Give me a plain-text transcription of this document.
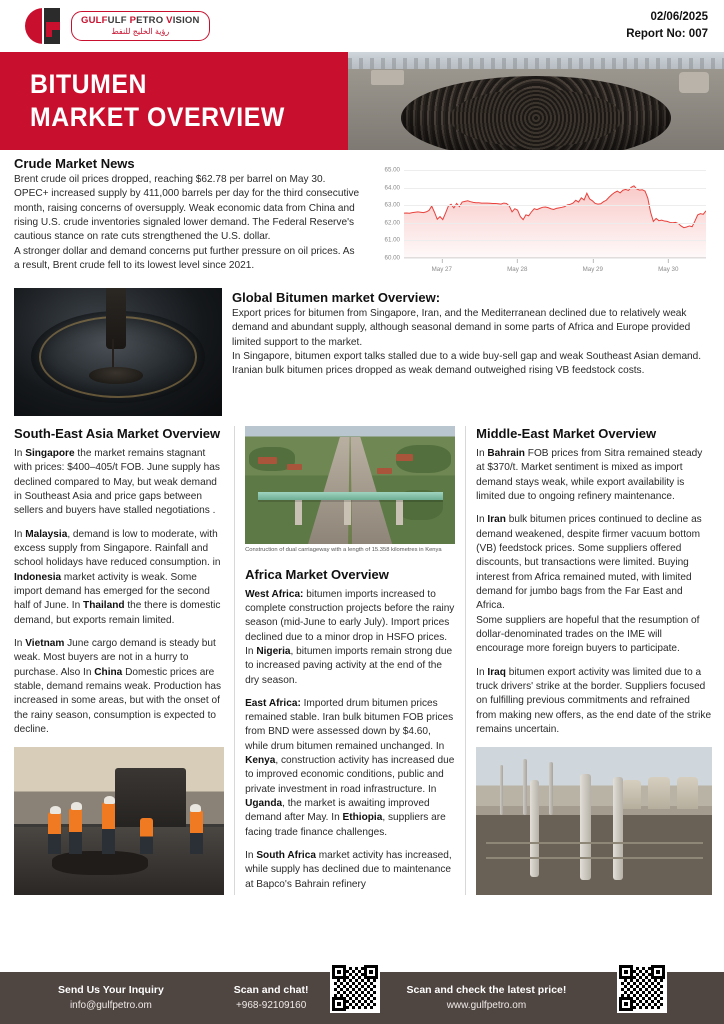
GULFULF PETRO VISION
رؤية الخليج للنفط
02/06/2025
Report No: 007
BITUMEN
MARKET OVERVIEW
Crude Market News

Brent crude oil prices dropped, reaching $62.78 per barrel on May 30. OPEC+ increased supply by 411,000 barrels per day for the third consecutive month, raising concerns of oversupply. Weak economic data from China and rising U.S. crude inventories signaled lower demand. The Federal Reserve's cautious stance on rate cuts strengthened the U.S. dollar.

A stronger dollar and demand concerns put further pressure on oil prices. As a result, Brent crude fell to its lowest level since 2021.

60.00
61.00
62.00
63.00
64.00
65.00
May 27	May 28	May 29	May 30
Global Bitumen market Overview:

Export prices for bitumen from Singapore, Iran, and the Mediterranean declined due to relatively weak demand and abundant supply, although seasonal demand in some parts of Africa and Europe provided limited support to the market.

In Singapore, bitumen export talks stalled due to a wide buy-sell gap and weak Southeast Asian demand. Iranian bulk bitumen prices dropped as weak demand outweighed rising VB feedstock costs.

South-East Asia Market Overview

In Singapore the market remains stagnant with prices: $400–405/t FOB. June supply has declined compared to May, but weak demand in Southeast Asia and price gaps between sellers and buyers have stalled negotiations .

In Malaysia, demand is low to moderate, with excess supply from Singapore. Rainfall and school holidays have reduced consumption. in Indonesia market activity is weak. Some import demand has emerged for the second half of June. In Thailand the there is domestic demand, but exports remain limited.

In Vietnam June cargo demand is steady but weak. Most buyers are not in a hurry to purchase. Also In China Domestic prices are stable, demand remains weak. Production has increased in some areas, but with the onset of the rainy season, consumption is expected to decline.

Construction of dual carriageway with a length of 15.358 kilometres in Kenya
Africa Market Overview

West Africa: bitumen imports increased to complete construction projects before the rainy season (mid-June to early July). Import prices declined due to a minor drop in HSFO prices. In Nigeria, bitumen imports remain strong due to increased paving activity at the end of the dry season.

East Africa: Imported drum bitumen prices remained stable. Iran bulk bitumen FOB prices from BND were assessed down by $4.60, while drum bitumen remained unchanged. In Kenya, construction activity has increased due to improved economic conditions, public and private investment in road infrastructure. In Uganda, the market is awaiting improved demand after May. In Ethiopia, suppliers are facing trade finance challenges.

In South Africa market activity has increased, while supply has declined due to maintenance at Bapco's Bahrain refinery

Middle-East Market Overview

In Bahrain FOB prices from Sitra remained steady at $370/t. Market sentiment is mixed as import demand stays weak, while export availability is limited due to ongoing refinery maintenance.

In Iran bulk bitumen prices continued to decline as demand weakened, despite firmer vacuum bottom (VB) feedstock prices. Some suppliers offered discounts, but transactions were limited. Buying interest from Africa remained muted, with limited demand for jumbo bags from the Far East and Africa.

Some suppliers are hopeful that the resumption of dollar-denominated trades on the IME will encourage more foreign buyers to participate.

In Iraq bitumen export activity was limited due to a truck drivers' strike at the border. Suppliers focused on fulfilling previous commitments and refrained from making new offers, as the end date of the strike remains uncertain.

Send Us Your Inquiry
info@gulfpetro.om
Scan and chat!
+968-92109160
Scan and check the latest price!
www.gulfpetro.om
